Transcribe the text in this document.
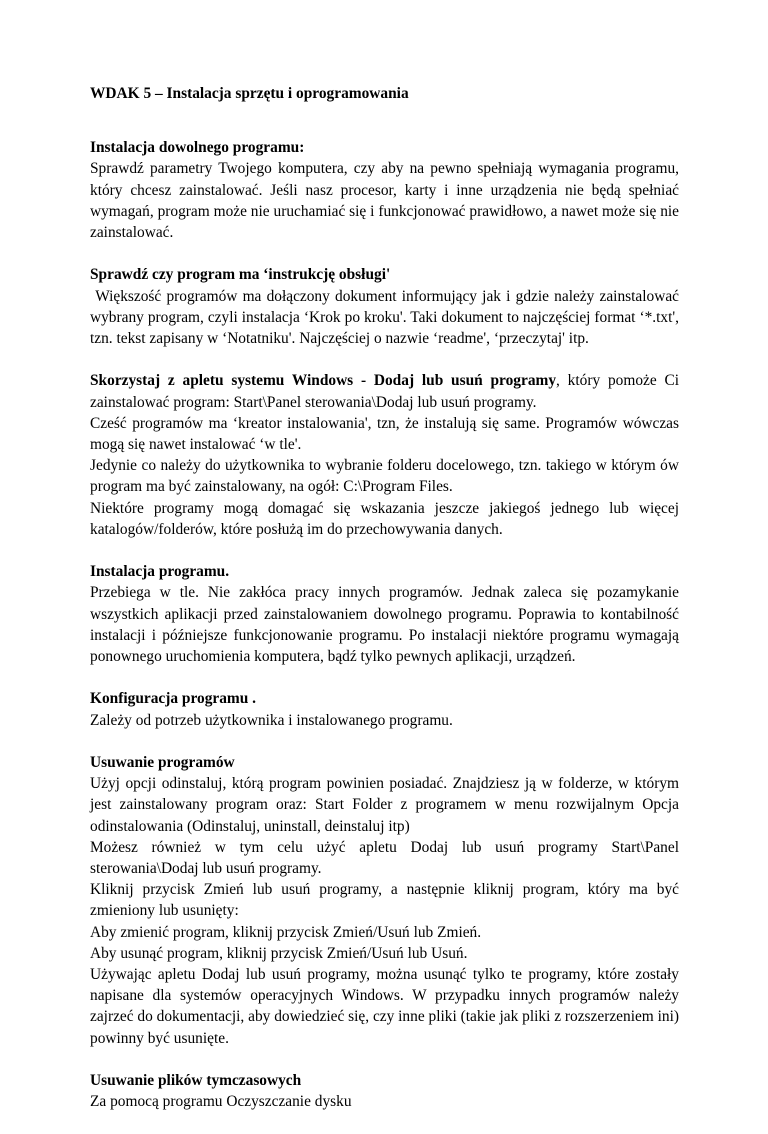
WDAK 5 – Instalacja sprzętu i oprogramowania
Instalacja dowolnego programu:

Sprawdź parametry Twojego komputera, czy aby na pewno spełniają wymagania programu, który chcesz zainstalować. Jeśli nasz procesor, karty i inne urządzenia nie będą spełniać wymagań, program może nie uruchamiać się i funkcjonować prawidłowo, a nawet może się nie zainstalować.

Sprawdź czy program ma ‘instrukcję obsługi'

Większość programów ma dołączony dokument informujący jak i gdzie należy zainstalować wybrany program, czyli instalacja ‘Krok po kroku'. Taki dokument to najczęściej format ‘*.txt', tzn. tekst zapisany w ‘Notatniku'. Najczęściej o nazwie ‘readme', ‘przeczytaj' itp.

Skorzystaj z apletu systemu Windows - Dodaj lub usuń programy, który pomoże Ci zainstalować program: Start\Panel sterowania\Dodaj lub usuń programy.

Cześć programów ma ‘kreator instalowania', tzn, że instalują się same. Programów wówczas mogą się nawet instalować ‘w tle'.

Jedynie co należy do użytkownika to wybranie folderu docelowego, tzn. takiego w którym ów program ma być zainstalowany, na ogół: C:\Program Files.

Niektóre programy mogą domagać się wskazania jeszcze jakiegoś jednego lub więcej katalogów/folderów, które posłużą im do przechowywania danych.

Instalacja programu.

Przebiega w tle. Nie zakłóca pracy innych programów. Jednak zaleca się pozamykanie wszystkich aplikacji przed zainstalowaniem dowolnego programu. Poprawia to kontabilność instalacji i późniejsze funkcjonowanie programu. Po instalacji niektóre programu wymagają ponownego uruchomienia komputera, bądź tylko pewnych aplikacji, urządzeń.

Konfiguracja programu .

Zależy od potrzeb użytkownika i instalowanego programu.

Usuwanie programów

Użyj opcji odinstaluj, którą program powinien posiadać. Znajdziesz ją w folderze, w którym jest zainstalowany program oraz: Start Folder z programem w menu rozwijalnym Opcja odinstalowania (Odinstaluj, uninstall, deinstaluj itp)

Możesz również w tym celu użyć apletu Dodaj lub usuń programy Start\Panel sterowania\Dodaj lub usuń programy.

Kliknij przycisk Zmień lub usuń programy, a następnie kliknij program, który ma być zmieniony lub usunięty:

Aby zmienić program, kliknij przycisk Zmień/Usuń lub Zmień.

Aby usunąć program, kliknij przycisk Zmień/Usuń lub Usuń.

Używając apletu Dodaj lub usuń programy, można usunąć tylko te programy, które zostały napisane dla systemów operacyjnych Windows. W przypadku innych programów należy zajrzeć do dokumentacji, aby dowiedzieć się, czy inne pliki (takie jak pliki z rozszerzeniem ini) powinny być usunięte.

Usuwanie plików tymczasowych

Za pomocą programu Oczyszczanie dysku
